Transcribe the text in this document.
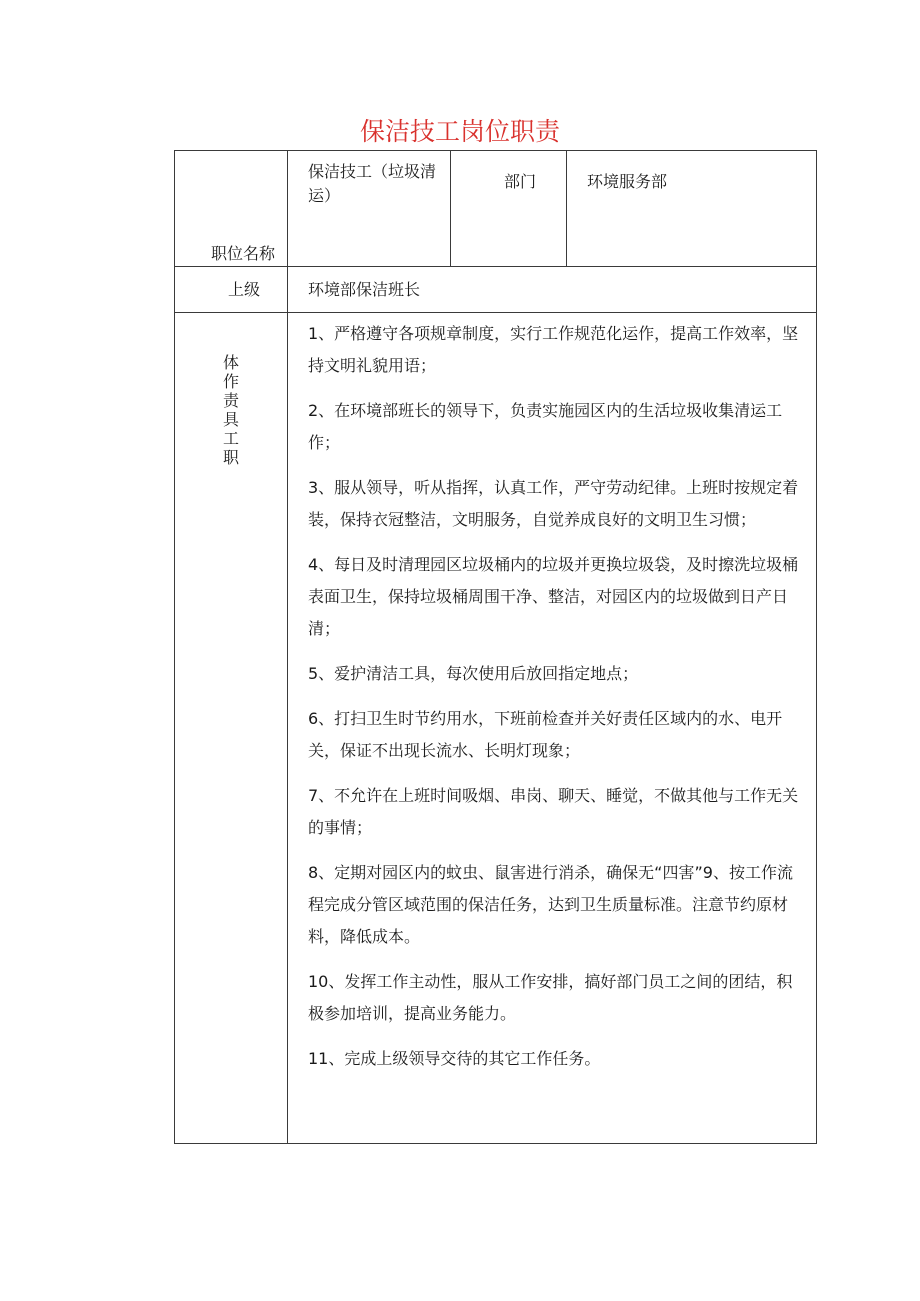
保洁技工岗位职责
职位名称
保洁技工（垃圾清运）
部门	环境服务部
上级	环境部保洁班长
体作责具工职

1、严格遵守各项规章制度，实行工作规范化运作，提高工作效率，坚持文明礼貌用语；

2、在环境部班长的领导下，负责实施园区内的生活垃圾收集清运工作；

3、服从领导，听从指挥，认真工作，严守劳动纪律。上班时按规定着装，保持衣冠整洁，文明服务，自觉养成良好的文明卫生习惯；

4、每日及时清理园区垃圾桶内的垃圾并更换垃圾袋，及时擦洗垃圾桶表面卫生，保持垃圾桶周围干净、整洁，对园区内的垃圾做到日产日清；

5、爱护清洁工具，每次使用后放回指定地点；

6、打扫卫生时节约用水，下班前检查并关好责任区域内的水、电开关，保证不出现长流水、长明灯现象；

7、不允许在上班时间吸烟、串岗、聊天、睡觉，不做其他与工作无关的事情；

8、定期对园区内的蚊虫、鼠害进行消杀，确保无“四害”9、按工作流程完成分管区域范围的保洁任务，达到卫生质量标准。注意节约原材料，降低成本。

10、发挥工作主动性，服从工作安排，搞好部门员工之间的团结，积极参加培训，提高业务能力。

11、完成上级领导交待的其它工作任务。
